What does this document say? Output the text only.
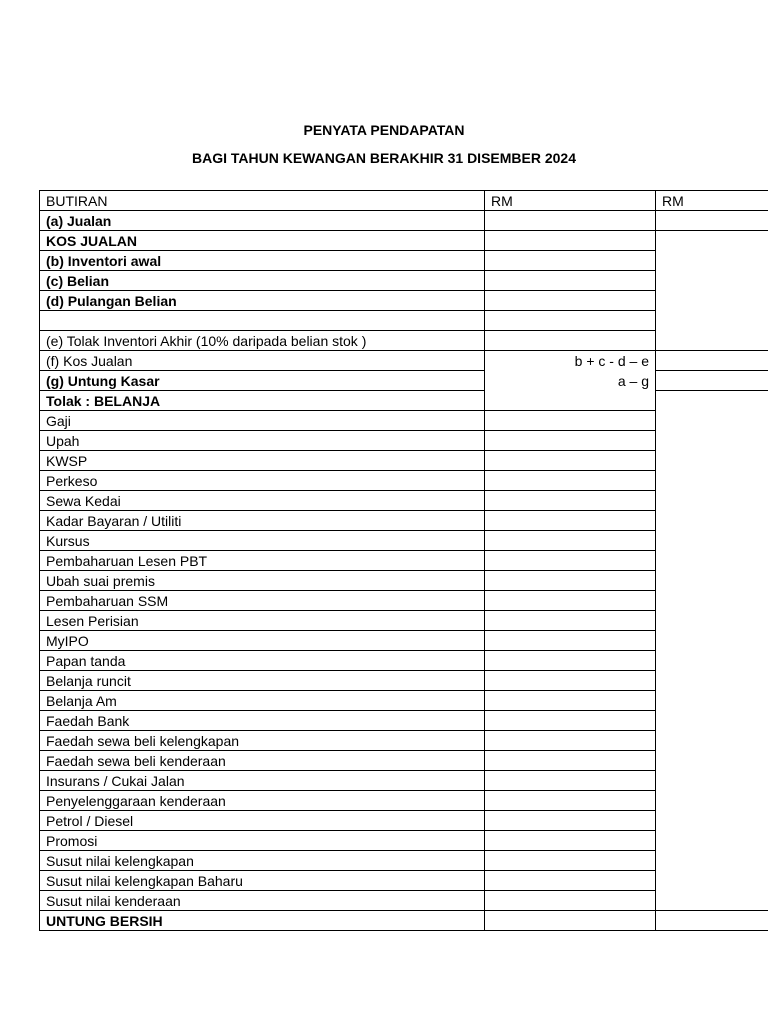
PENYATA PENDAPATAN
BAGI TAHUN KEWANGAN BERAKHIR 31 DISEMBER 2024
BUTIRAN	RM	RM
(a) Jualan		
KOS JUALAN		
(b) Inventori awal		
(c) Belian		
(d) Pulangan Belian		

(e) Tolak Inventori Akhir (10% daripada belian stok )		
(f) Kos Jualan	b + c - d – e	
(g) Untung Kasar	a – g	
Tolak : BELANJA		
Gaji		
Upah		
KWSP		
Perkeso		
Sewa Kedai		
Kadar Bayaran / Utiliti		
Kursus		
Pembaharuan Lesen PBT		
Ubah suai premis		
Pembaharuan SSM		
Lesen Perisian		
MyIPO		
Papan tanda		
Belanja runcit		
Belanja Am		
Faedah Bank		
Faedah sewa beli kelengkapan		
Faedah sewa beli kenderaan		
Insurans / Cukai Jalan		
Penyelenggaraan kenderaan		
Petrol / Diesel		
Promosi		
Susut nilai kelengkapan		
Susut nilai kelengkapan Baharu		
Susut nilai kenderaan		
UNTUNG BERSIH		
